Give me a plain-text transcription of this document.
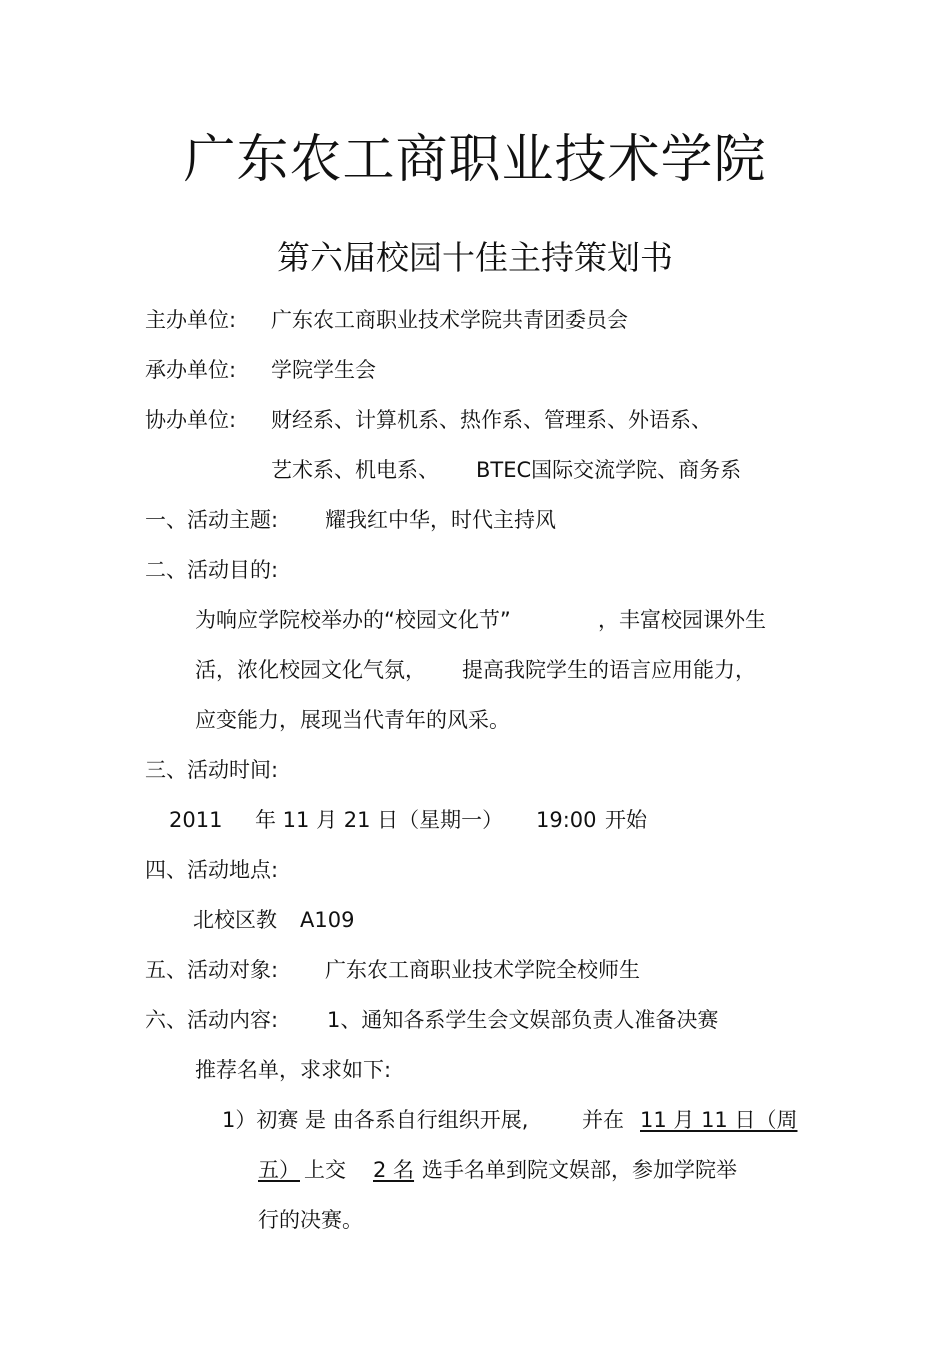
广东农工商职业技术学院
第六届校园十佳主持策划书
主办单位: 广东农工商职业技术学院共青团委员会
承办单位: 学院学生会
协办单位: 财经系、计算机系、热作系、管理系、外语系、
艺术系、机电系、 BTEC国际交流学院、商务系
一、活动主题: 耀我红中华，时代主持风
二、活动目的:
为响应学院校举办的“校园文化节”	，丰富校园课外生
活，浓化校园文化气氛， 提高我院学生的语言应用能力，
应变能力，展现当代青年的风采。
三、活动时间:
2011 年 11 月 21 日（星期一） 19:00 开始
四、活动地点:
北校区教 A109
五、活动对象: 广东农工商职业技术学院全校师生
六、活动内容: 1、通知各系学生会文娱部负责人准备决赛
推荐名单，求求如下:
1）初赛 是 由各系自行组织开展,	并在 11 月 11 日（周
五） 上交 2 名 选手名单到院文娱部，参加学院举
行的决赛。
